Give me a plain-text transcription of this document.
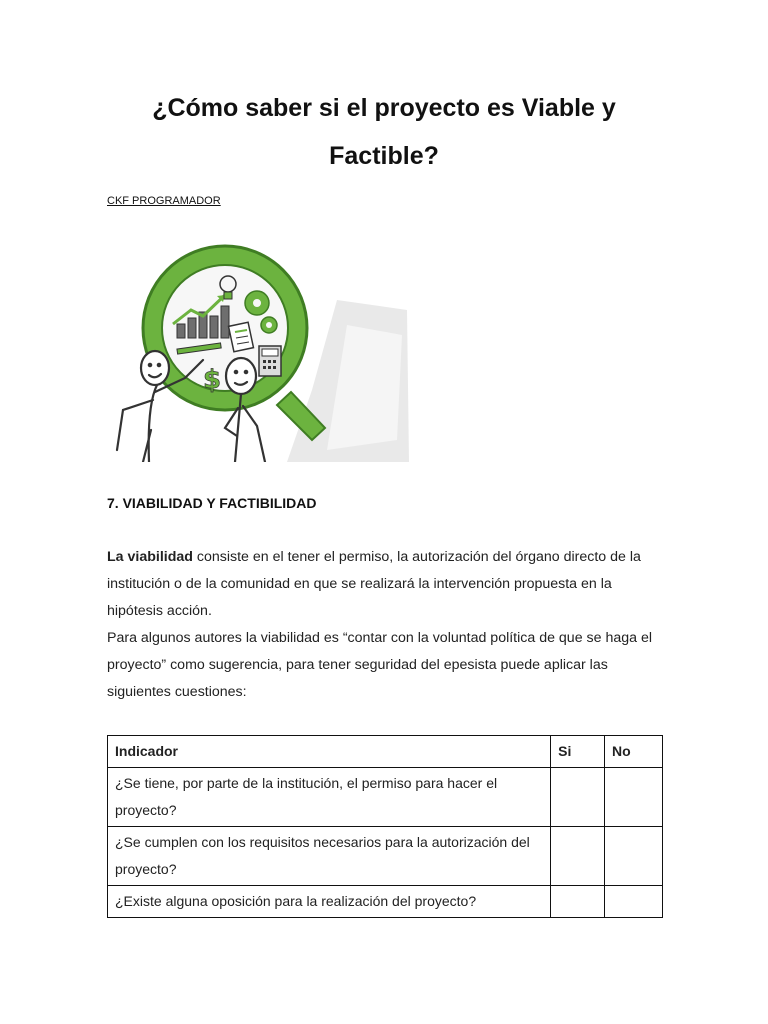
¿Cómo saber si el proyecto es Viable y Factible?
CKF PROGRAMADOR
$
7. VIABILIDAD Y FACTIBILIDAD

La viabilidad consiste en el tener el permiso, la autorización del órgano directo de la institución o de la comunidad en que se realizará la intervención propuesta en la hipótesis acción.

Para algunos autores la viabilidad es “contar con la voluntad política de que se haga el proyecto” como sugerencia, para tener seguridad del epesista puede aplicar las siguientes cuestiones:

Indicador	Si	No
¿Se tiene, por parte de la institución, el permiso para hacer el proyecto?		
¿Se cumplen con los requisitos necesarios para la autorización del proyecto?		
¿Existe alguna oposición para la realización del proyecto?		
